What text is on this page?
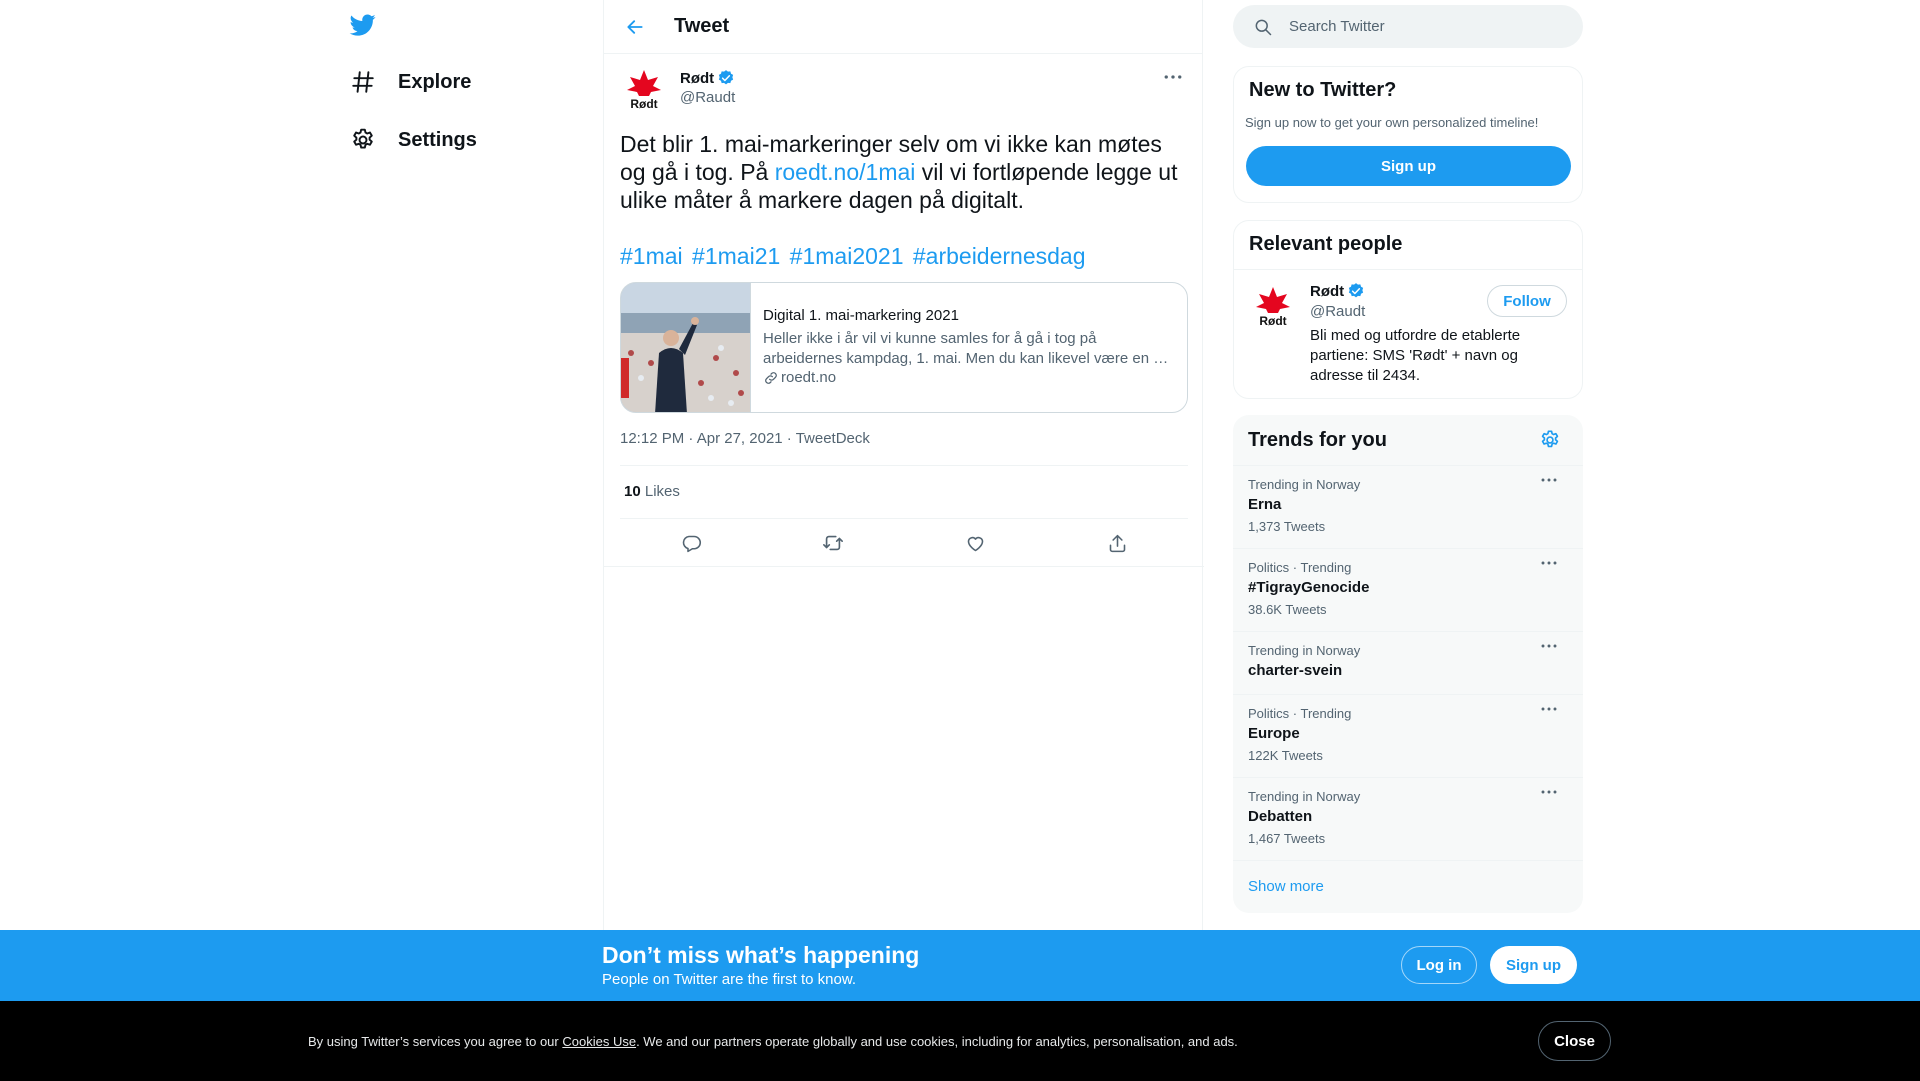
Explore
Settings
Tweet
Rødt
Rødt
@Raudt
Det blir 1. mai-markeringer selv om vi ikke kan møtes og gå i tog. På roedt.no/1mai vil vi fortløpende legge ut ulike måter å markere dagen på digitalt.
#1mai #1mai21 #1mai2021 #arbeidernesdag
Digital 1. mai-markering 2021
Heller ikke i år vil vi kunne samles for å gå i tog på arbeidernes kampdag, 1. mai. Men du kan likevel være en …
roedt.no
12:12 PM · Apr 27, 2021 · TweetDeck
10 Likes
Search Twitter
New to Twitter?
Sign up now to get your own personalized timeline!
Sign up
Relevant people
Rødt
Rødt
@Raudt
Follow
Bli med og utfordre de etablerte partiene: SMS 'Rødt' + navn og adresse til 2434.
Trends for you
Trending in Norway
Erna
1,373 Tweets
Politics · Trending
#TigrayGenocide
38.6K Tweets
Trending in Norway
charter-svein
Politics · Trending
Europe
122K Tweets
Trending in Norway
Debatten
1,467 Tweets
Show more
Don’t miss what’s happening
People on Twitter are the first to know.
Log in	Sign up
By using Twitter’s services you agree to our Cookies Use. We and our partners operate globally and use cookies, including for analytics, personalisation, and ads.	Close
